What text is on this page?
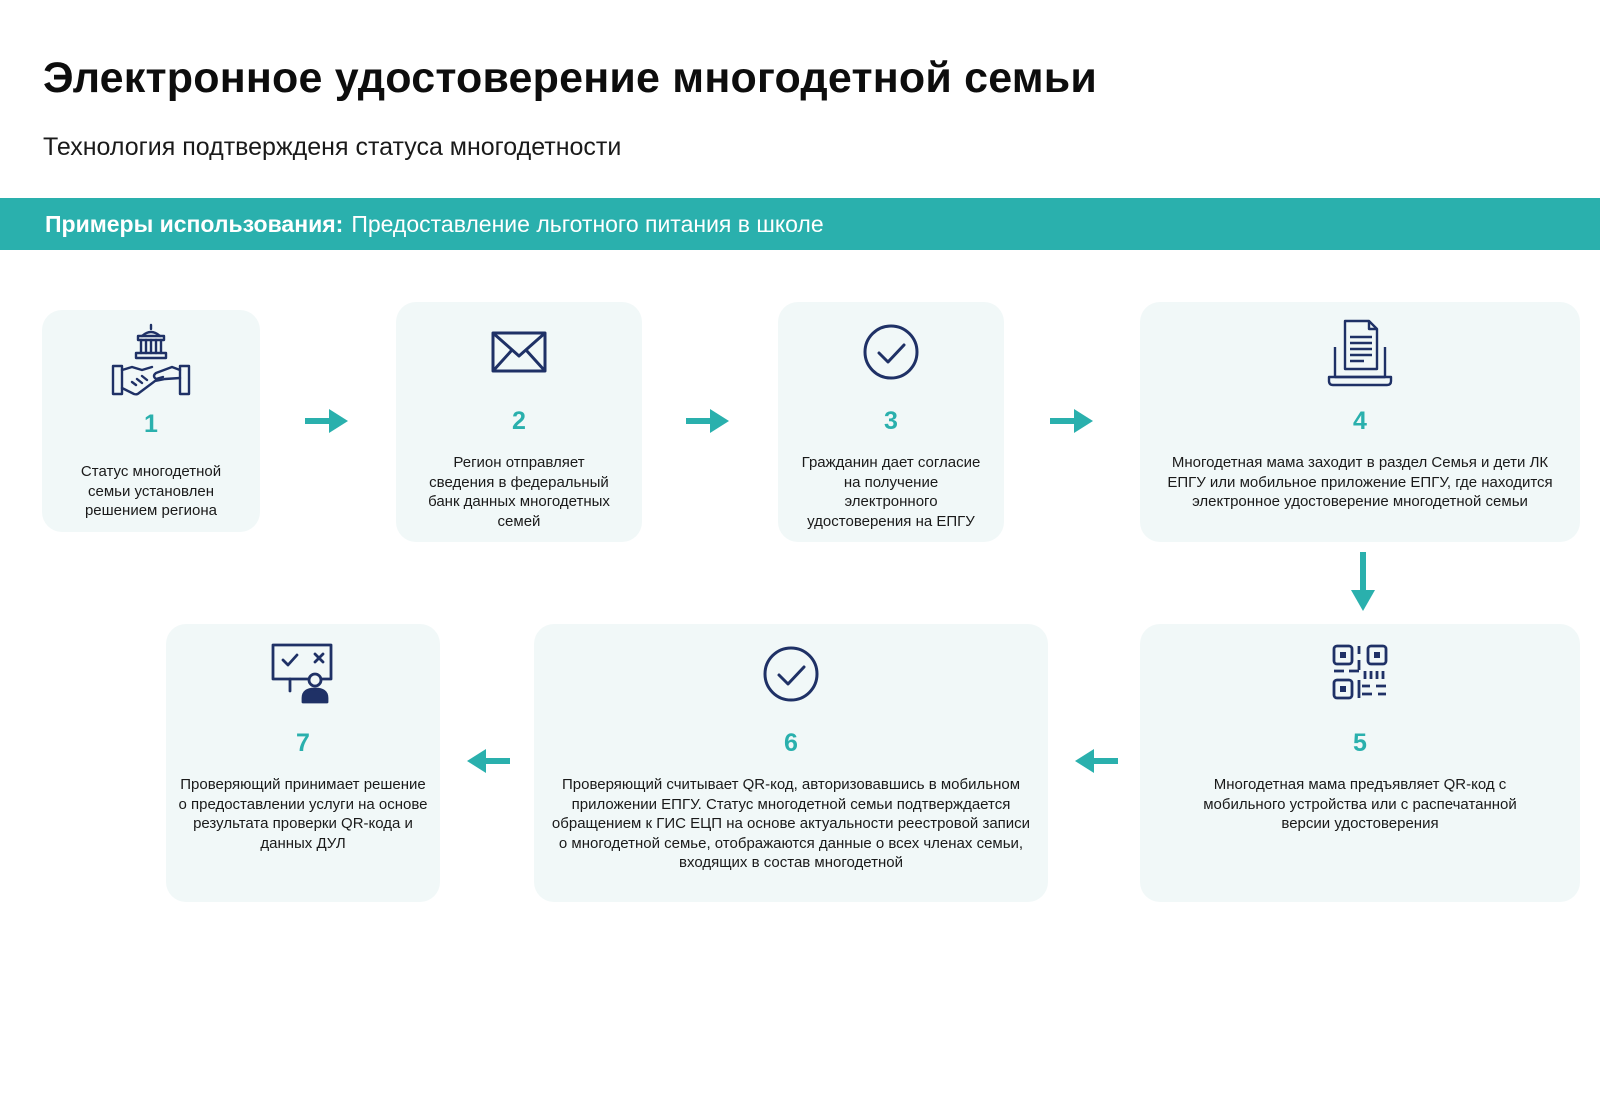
Электронное удостоверение многодетной семьи
Технология подтвержденя статуса многодетности
Примеры использования: Предоставление льготного питания в школе
1
Статус многодетной
семьи установлен
решением региона
2
Регион отправляет
сведения в федеральный
банк данных многодетных
семей
3
Гражданин дает согласие
на получение
электронного
удостоверения на ЕПГУ
4
Многодетная мама заходит в раздел Семья и дети ЛК
ЕПГУ или мобильное приложение ЕПГУ, где находится
электронное удостоверение многодетной семьи
5
Многодетная мама предъявляет QR-код с
мобильного устройства или с распечатанной
версии удостоверения
6
Проверяющий считывает QR-код, авторизовавшись в мобильном
приложении ЕПГУ. Статус многодетной семьи подтверждается
обращением к ГИС ЕЦП на основе актуальности реестровой записи
о многодетной семье, отображаются данные о всех членах семьи,
входящих в состав многодетной
7
Проверяющий принимает решение
о предоставлении услуги на основе
результата проверки QR-кода и
данных ДУЛ
